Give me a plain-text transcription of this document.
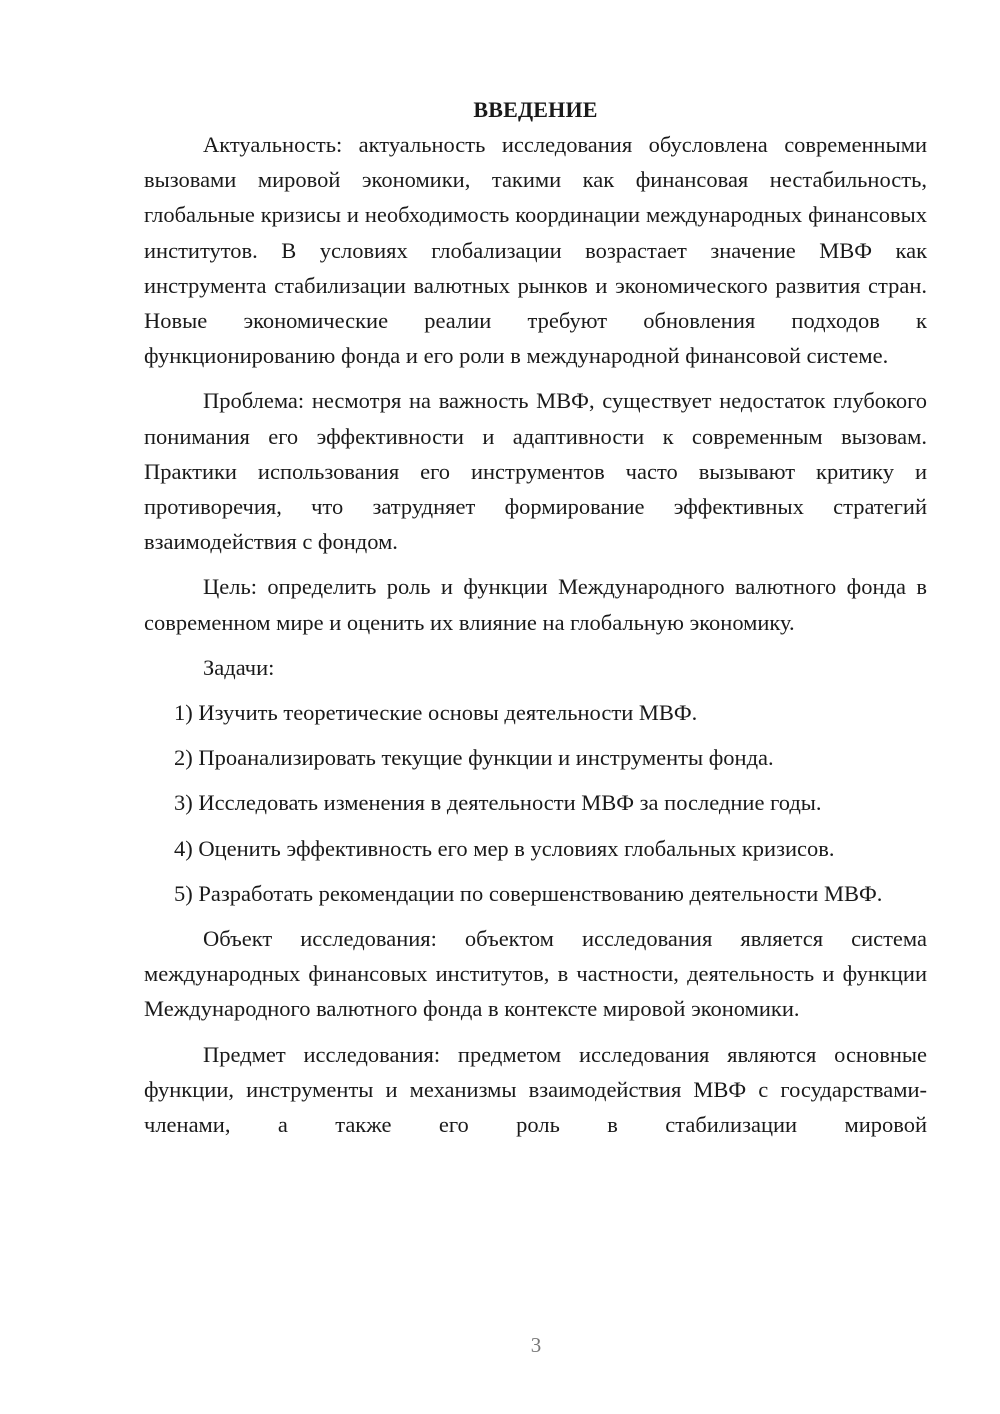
ВВЕДЕНИЕ

Актуальность: актуальность исследования обусловлена современными вызовами мировой экономики, такими как финансовая нестабильность, глобальные кризисы и необходимость координации международных финансовых институтов. В условиях глобализации возрастает значение МВФ как инструмента стабилизации валютных рынков и экономического развития стран. Новые экономические реалии требуют обновления подходов к функционированию фонда и его роли в международной финансовой системе.

Проблема: несмотря на важность МВФ, существует недостаток глубокого понимания его эффективности и адаптивности к современным вызовам. Практики использования его инструментов часто вызывают критику и противоречия, что затрудняет формирование эффективных стратегий взаимодействия с фондом.

Цель: определить роль и функции Международного валютного фонда в современном мире и оценить их влияние на глобальную экономику.

Задачи:

1) Изучить теоретические основы деятельности МВФ.

2) Проанализировать текущие функции и инструменты фонда.

3) Исследовать изменения в деятельности МВФ за последние годы.

4) Оценить эффективность его мер в условиях глобальных кризисов.

5) Разработать рекомендации по совершенствованию деятельности МВФ.

Объект исследования: объектом исследования является система международных финансовых институтов, в частности, деятельность и функции Международного валютного фонда в контексте мировой экономики.

Предмет исследования: предметом исследования являются основные функции, инструменты и механизмы взаимодействия МВФ с государствами-членами, а также его роль в стабилизации мировой

3
